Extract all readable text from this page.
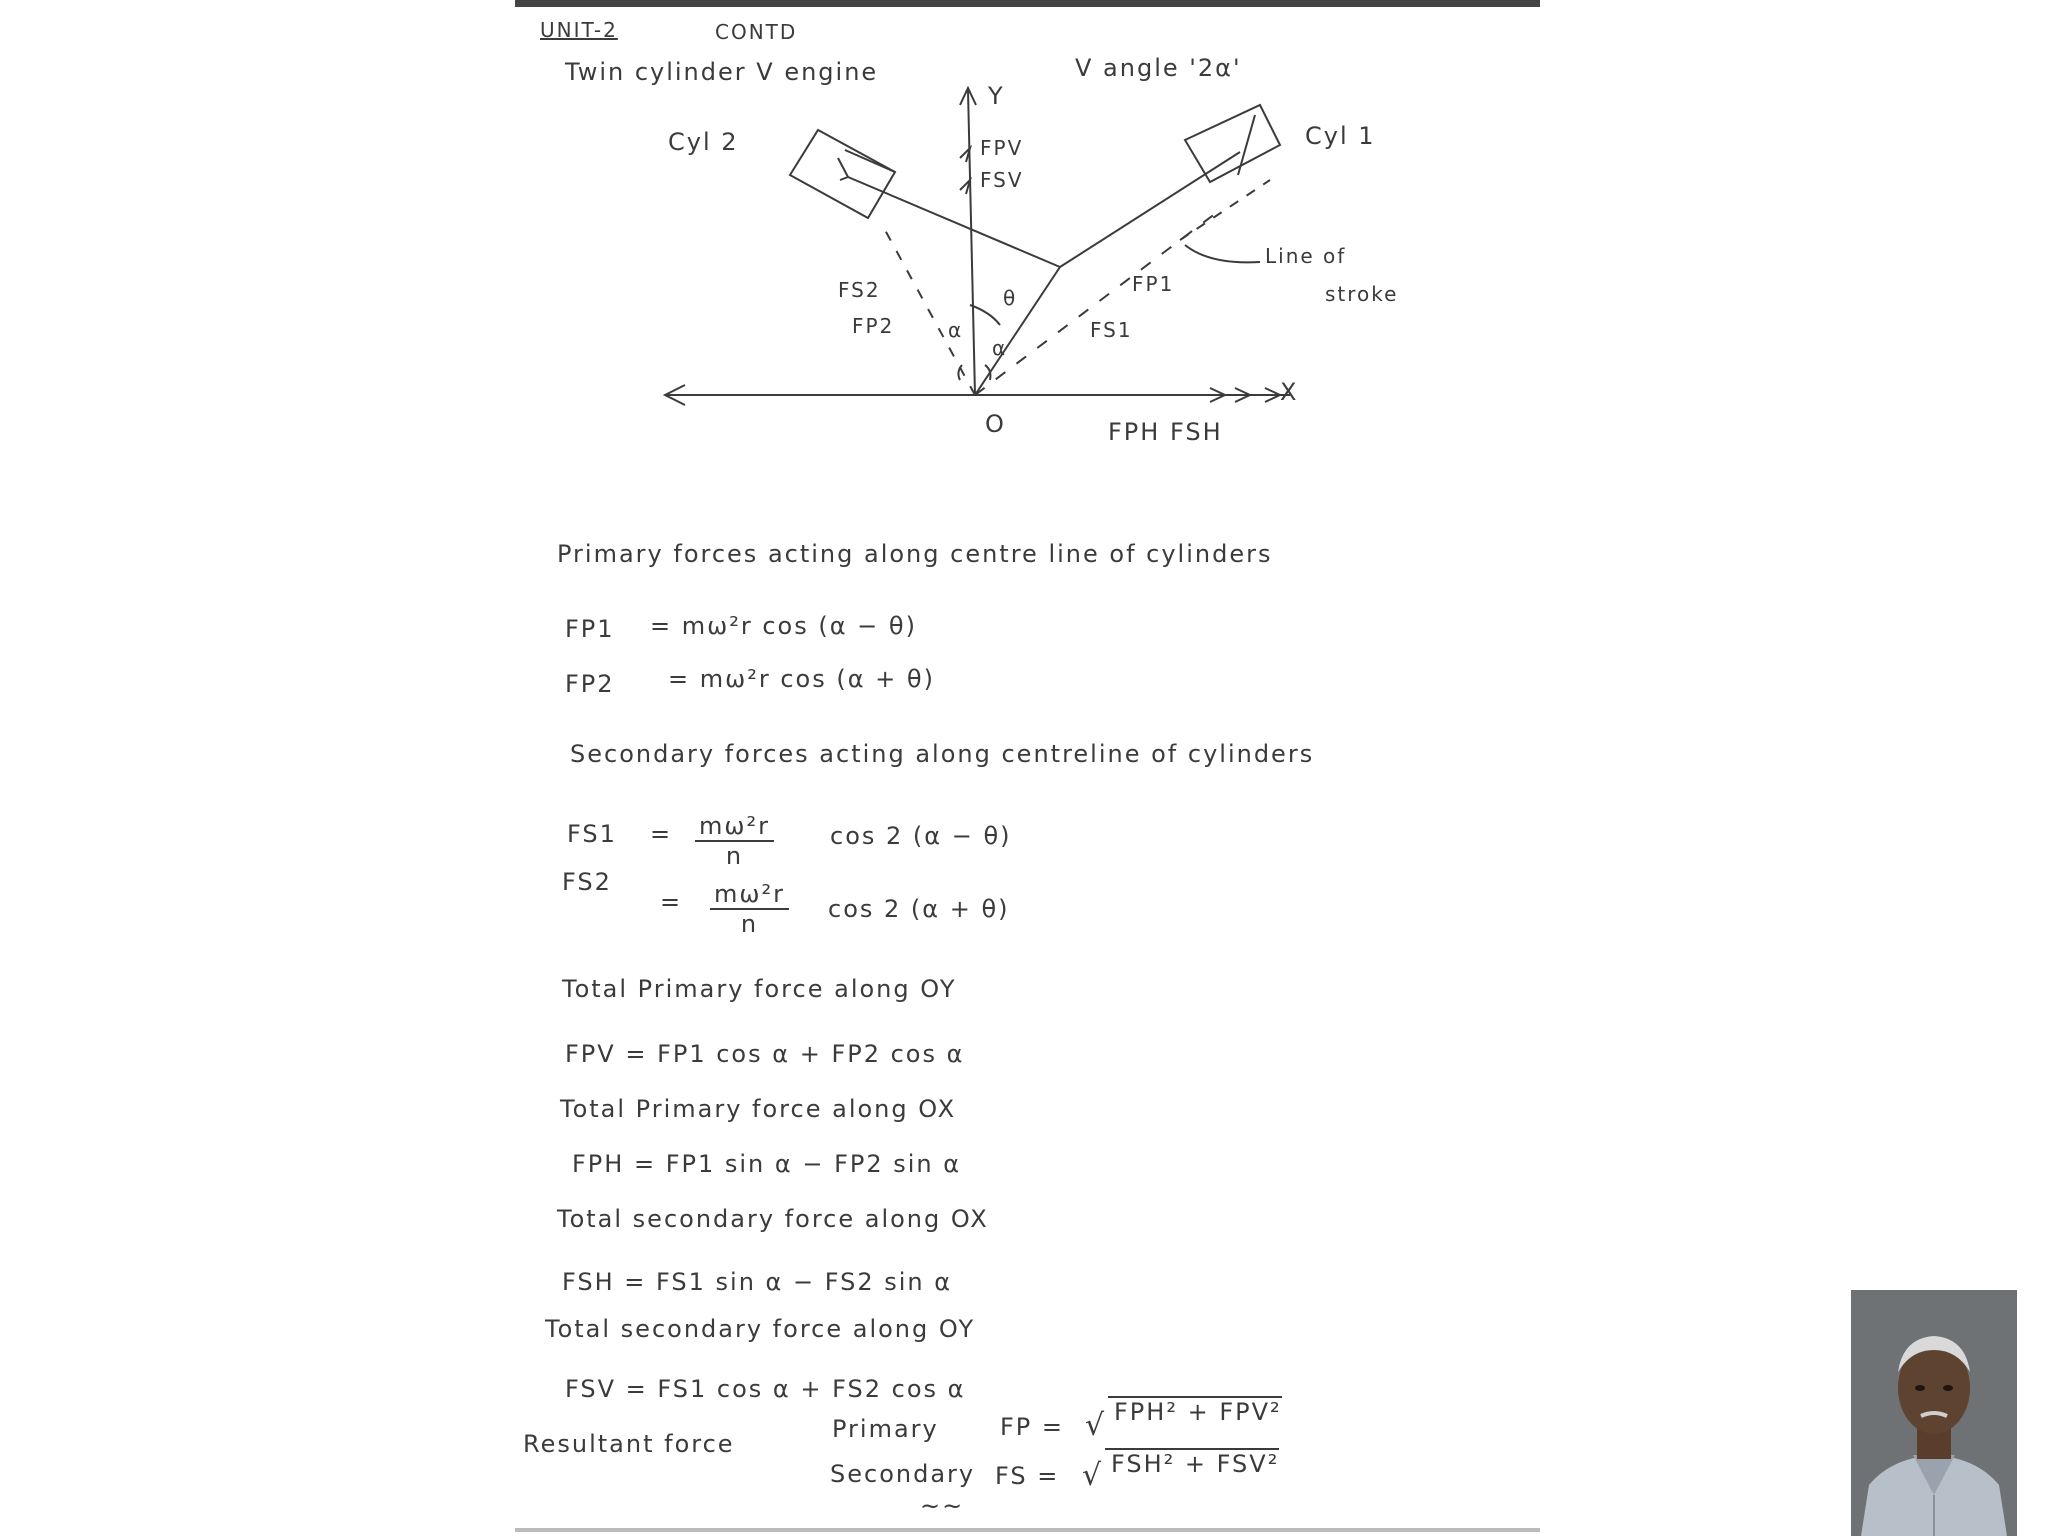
UNIT-2	CONTD
Twin cylinder V engine	V angle '2α'
Y
X
O
Cyl 2	Cyl 1
FPV
FSV
Line of
stroke
FP1
FS1
FS2
FP2
θ
α
α
FPH FSH
Primary forces acting along centre line of cylinders
FP1 = mω²r cos (α − θ)
FP2 = mω²r cos (α + θ)
Secondary forces acting along centreline of cylinders
$FS1 = \frac{\text{mω²r}}{n}$ cos 2 (α − θ)
FS2
= $\frac{\text{mω²r}}{n}$ cos 2 (α + θ)
Total Primary force along OY
FPV = FP1 cos α + FP2 cos α
Total Primary force along OX
FPH = FP1 sin α − FP2 sin α
Total secondary force along OX
FSH = FS1 sin α − FS2 sin α
Total secondary force along OY
FSV = FS1 cos α + FS2 cos α
Resultant force
Primary	FP = √ FPH² + FPV²
Secondary FS = √ FSH² + FSV²
~~
